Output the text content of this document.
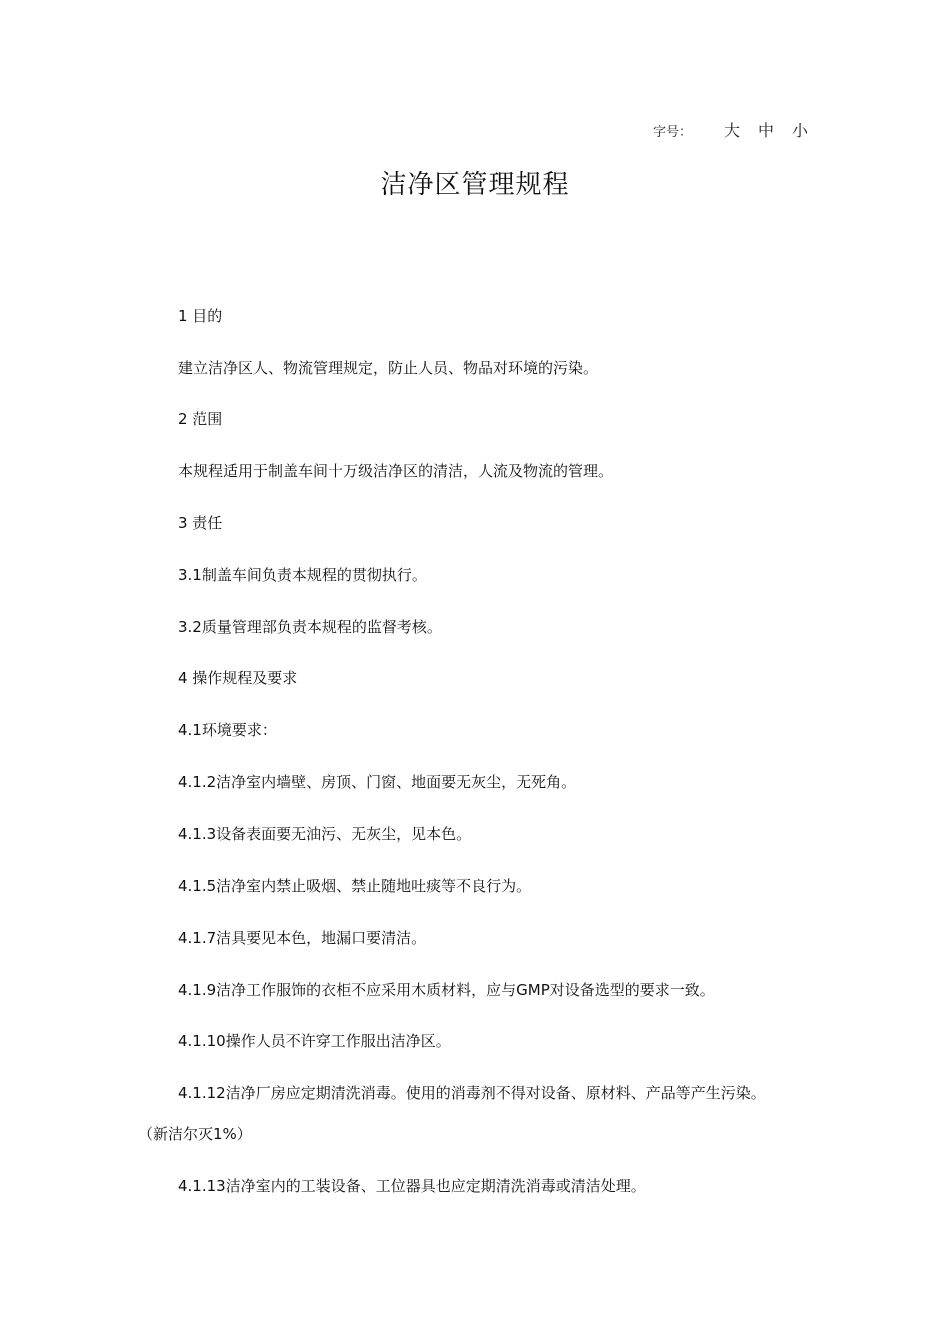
字号： 大 中 小
洁净区管理规程
1 目的
建立洁净区人、物流管理规定，防止人员、物品对环境的污染。
2 范围
本规程适用于制盖车间十万级洁净区的清洁，人流及物流的管理。
3 责任
3.1制盖车间负责本规程的贯彻执行。
3.2质量管理部负责本规程的监督考核。
4 操作规程及要求
4.1环境要求：
4.1.2洁净室内墙壁、房顶、门窗、地面要无灰尘，无死角。
4.1.3设备表面要无油污、无灰尘，见本色。
4.1.5洁净室内禁止吸烟、禁止随地吐痰等不良行为。
4.1.7洁具要见本色，地漏口要清洁。
4.1.9洁净工作服饰的衣柜不应采用木质材料，应与GMP对设备选型的要求一致。
4.1.10操作人员不许穿工作服出洁净区。
4.1.12洁净厂房应定期清洗消毒。使用的消毒剂不得对设备、原材料、产品等产生污染。
（新洁尔灭1%）
4.1.13洁净室内的工装设备、工位器具也应定期清洗消毒或清洁处理。
